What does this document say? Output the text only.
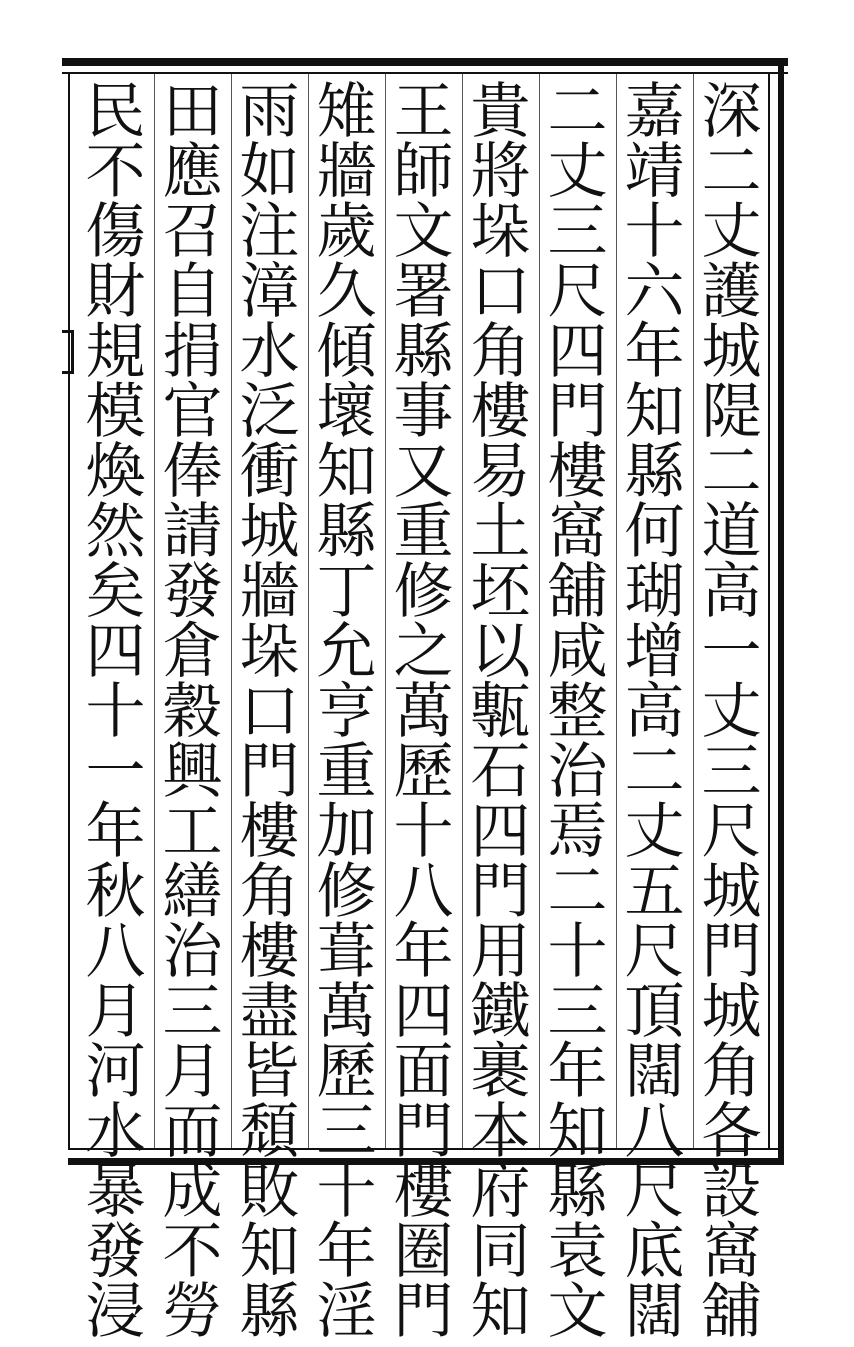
深
二
丈
護
城
隄
二
道
高
一
丈
三
尺
城
門
城
角
各
設
窩
舖
嘉
靖
十
六
年
知
縣
何
瑚
增
高
二
丈
五
尺
頂
闊
八
尺
底
闊
二
丈
三
尺
四
門
樓
窩
舖
咸
整
治
焉
二
十
三
年
知
縣
袁
文
貴
將
垛
口
角
樓
易
土
坯
以
甎
石
四
門
用
鐵
裹
本
府
同
知
王
師
文
署
縣
事
又
重
修
之
萬
歷
十
八
年
四
面
門
樓
圈
門
雉
牆
歲
久
傾
壞
知
縣
丁
允
亨
重
加
修
葺
萬
歷
三
十
年
淫
雨
如
注
漳
水
泛
衝
城
牆
垛
口
門
樓
角
樓
盡
皆
頹
敗
知
縣
田
應
召
自
捐
官
俸
請
發
倉
穀
興
工
繕
治
三
月
而
成
不
勞
民
不
傷
財
規
模
煥
然
矣
四
十
一
年
秋
八
月
河
水
暴
發
浸
